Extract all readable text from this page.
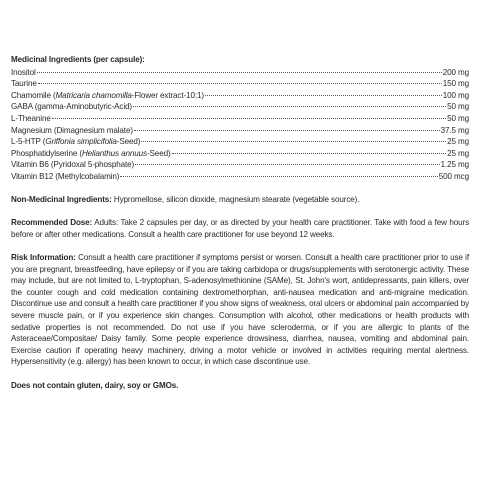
Medicinal Ingredients (per capsule):
Inositol	200 mg
Taurine	150 mg
Chamomile (Matricaria chamomilla-Flower extract-10:1)	100 mg
GABA (gamma-Aminobutyric-Acid)	50 mg
L-Theanine	50 mg
Magnesium (Dimagnesium malate)	37.5 mg
L-5-HTP (Griffonia simplicifolia-Seed)	25 mg
Phosphatidylserine (Helianthus annuus-Seed)	25 mg
Vitamin B6 (Pyridoxal 5-phosphate)	1.25 mg
Vitamin B12 (Methylcobalamin)	500 mcg
Non-Medicinal Ingredients: Hypromellose, silicon dioxide, magnesium stearate (vegetable source).
Recommended Dose: Adults: Take 2 capsules per day, or as directed by your health care practitioner. Take with food a few hours before or after other medications. Consult a health care practitioner for use beyond 12 weeks.
Risk Information: Consult a health care practitioner if symptoms persist or worsen. Consult a health care practitioner prior to use if you are pregnant, breastfeeding, have epilepsy or if you are taking carbidopa or drugs/supplements with serotonergic activity. These may include, but are not limited to, L-tryptophan, S-adenosylmethionine (SAMe), St. John's wort, antidepressants, pain killers, over the counter cough and cold medication containing dextromethorphan, anti-nausea medication and anti-migraine medication. Discontinue use and consult a health care practitioner if you show signs of weakness, oral ulcers or abdominal pain accompanied by severe muscle pain, or if you experience skin changes. Consumption with alcohol, other medications or health products with sedative properties is not recommended. Do not use if you have scleroderma, or if you are allergic to plants of the Asteraceae/Compositae/ Daisy family. Some people experience drowsiness, diarrhea, nausea, vomiting and abdominal pain. Exercise caution if operating heavy machinery, driving a motor vehicle or involved in activities requiring mental alertness. Hypersensitivity (e.g. allergy) has been known to occur, in which case discontinue use.
Does not contain gluten, dairy, soy or GMOs.
